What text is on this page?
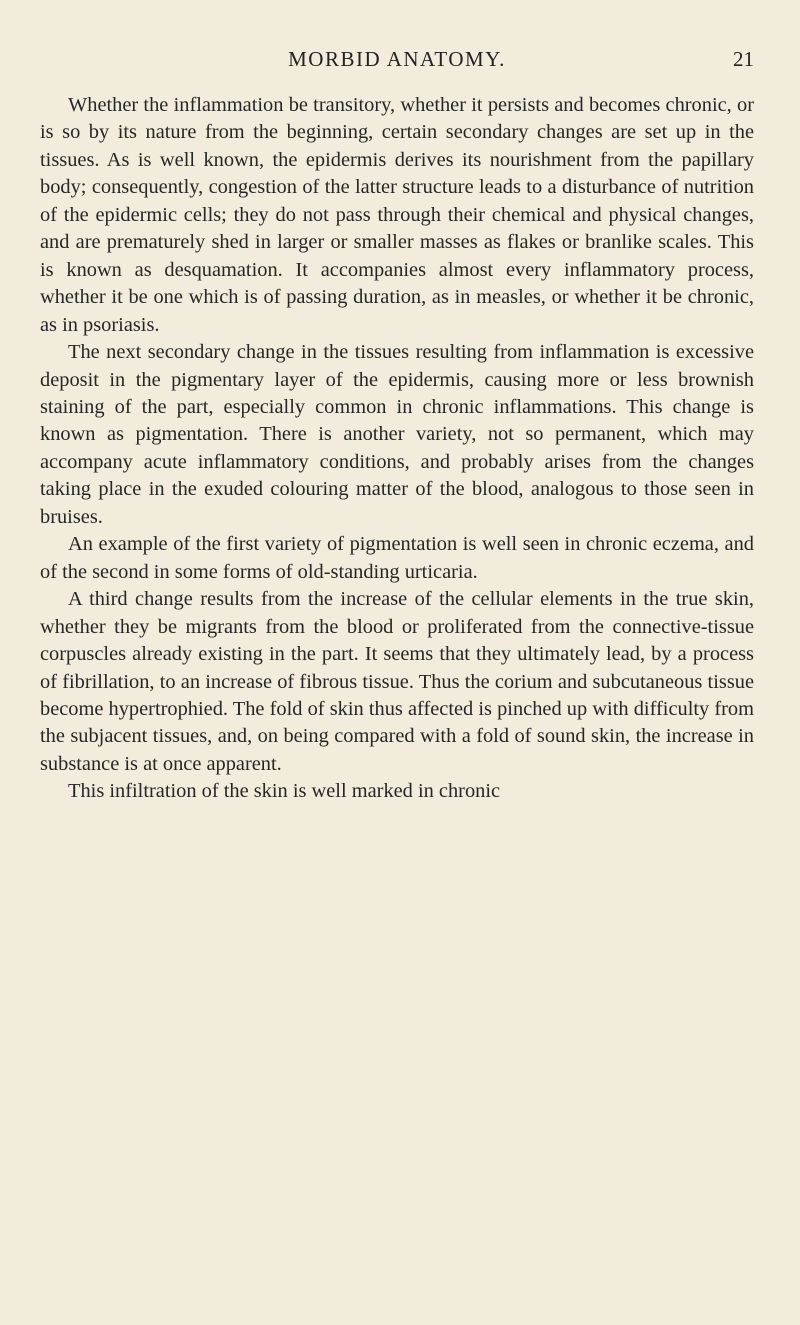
MORBID ANATOMY.	21

Whether the inflammation be transitory, whether it persists and becomes chronic, or is so by its nature from the beginning, certain secondary changes are set up in the tissues. As is well known, the epidermis derives its nourishment from the papillary body; consequently, congestion of the latter structure leads to a disturbance of nutrition of the epidermic cells; they do not pass through their chemical and physical changes, and are prematurely shed in larger or smaller masses as flakes or branlike scales. This is known as desquamation. It accompanies almost every inflammatory process, whether it be one which is of passing duration, as in measles, or whether it be chronic, as in psoriasis.

The next secondary change in the tissues resulting from inflammation is excessive deposit in the pigmentary layer of the epidermis, causing more or less brownish staining of the part, especially common in chronic inflammations. This change is known as pigmentation. There is another variety, not so permanent, which may accompany acute inflammatory conditions, and probably arises from the changes taking place in the exuded colouring matter of the blood, analogous to those seen in bruises.

An example of the first variety of pigmentation is well seen in chronic eczema, and of the second in some forms of old-standing urticaria.

A third change results from the increase of the cellular elements in the true skin, whether they be migrants from the blood or proliferated from the connective-tissue corpuscles already existing in the part. It seems that they ultimately lead, by a process of fibrillation, to an increase of fibrous tissue. Thus the corium and subcutaneous tissue become hypertrophied. The fold of skin thus affected is pinched up with difficulty from the subjacent tissues, and, on being compared with a fold of sound skin, the increase in substance is at once apparent.

This infiltration of the skin is well marked in chronic
